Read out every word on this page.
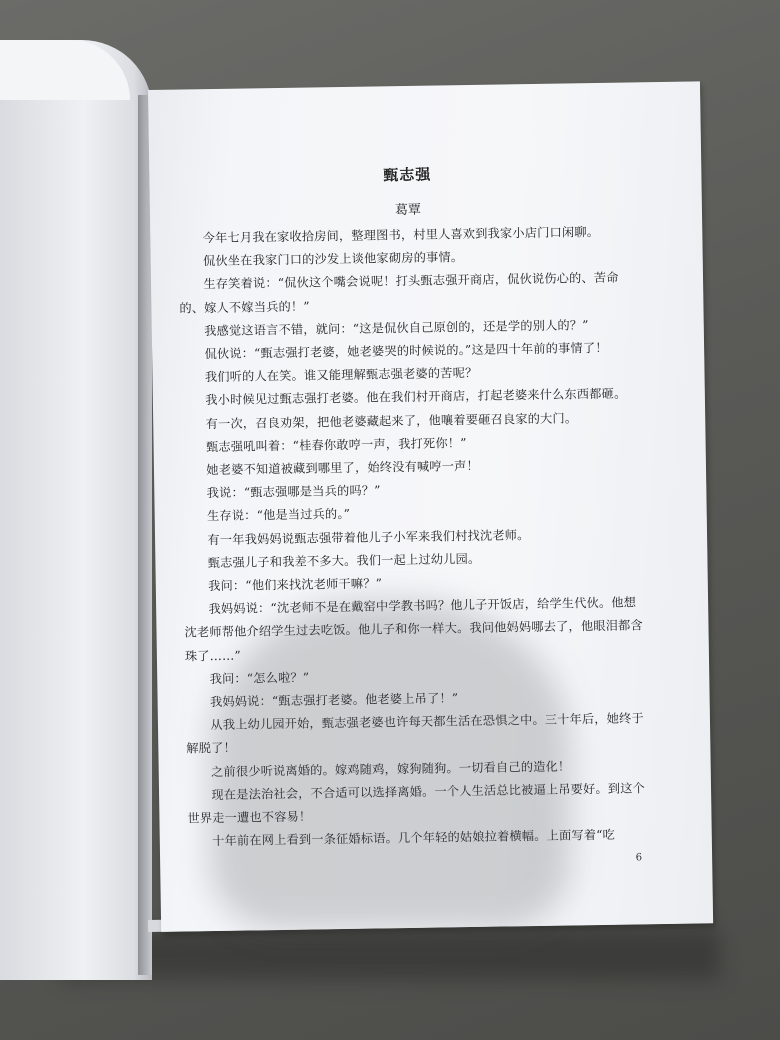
甄志强
葛覃

今年七月我在家收拾房间，整理图书，村里人喜欢到我家小店门口闲聊。

侃伙坐在我家门口的沙发上谈他家砌房的事情。

生存笑着说：“侃伙这个嘴会说呢！打头甄志强开商店，侃伙说伤心的、苦命的、嫁人不嫁当兵的！”

我感觉这语言不错，就问：“这是侃伙自己原创的，还是学的别人的？”

侃伙说：“甄志强打老婆，她老婆哭的时候说的。”这是四十年前的事情了！

我们听的人在笑。谁又能理解甄志强老婆的苦呢？

我小时候见过甄志强打老婆。他在我们村开商店，打起老婆来什么东西都砸。

有一次，召良劝架，把他老婆藏起来了，他嚷着要砸召良家的大门。

甄志强吼叫着：“桂春你敢哼一声，我打死你！”

她老婆不知道被藏到哪里了，始终没有喊哼一声！

我说：“甄志强哪是当兵的吗？”

生存说：“他是当过兵的。”

有一年我妈妈说甄志强带着他儿子小军来我们村找沈老师。

甄志强儿子和我差不多大。我们一起上过幼儿园。

我问：“他们来找沈老师干嘛？”

我妈妈说：“沈老师不是在戴窑中学教书吗？他儿子开饭店，给学生代伙。他想沈老师帮他介绍学生过去吃饭。他儿子和你一样大。我问他妈妈哪去了，他眼泪都含珠了……”

我问：“怎么啦？”

我妈妈说：“甄志强打老婆。他老婆上吊了！”

从我上幼儿园开始，甄志强老婆也许每天都生活在恐惧之中。三十年后，她终于解脱了！

之前很少听说离婚的。嫁鸡随鸡，嫁狗随狗。一切看自己的造化！

现在是法治社会，不合适可以选择离婚。一个人生活总比被逼上吊要好。到这个世界走一遭也不容易！

十年前在网上看到一条征婚标语。几个年轻的姑娘拉着横幅。上面写着“吃

6
